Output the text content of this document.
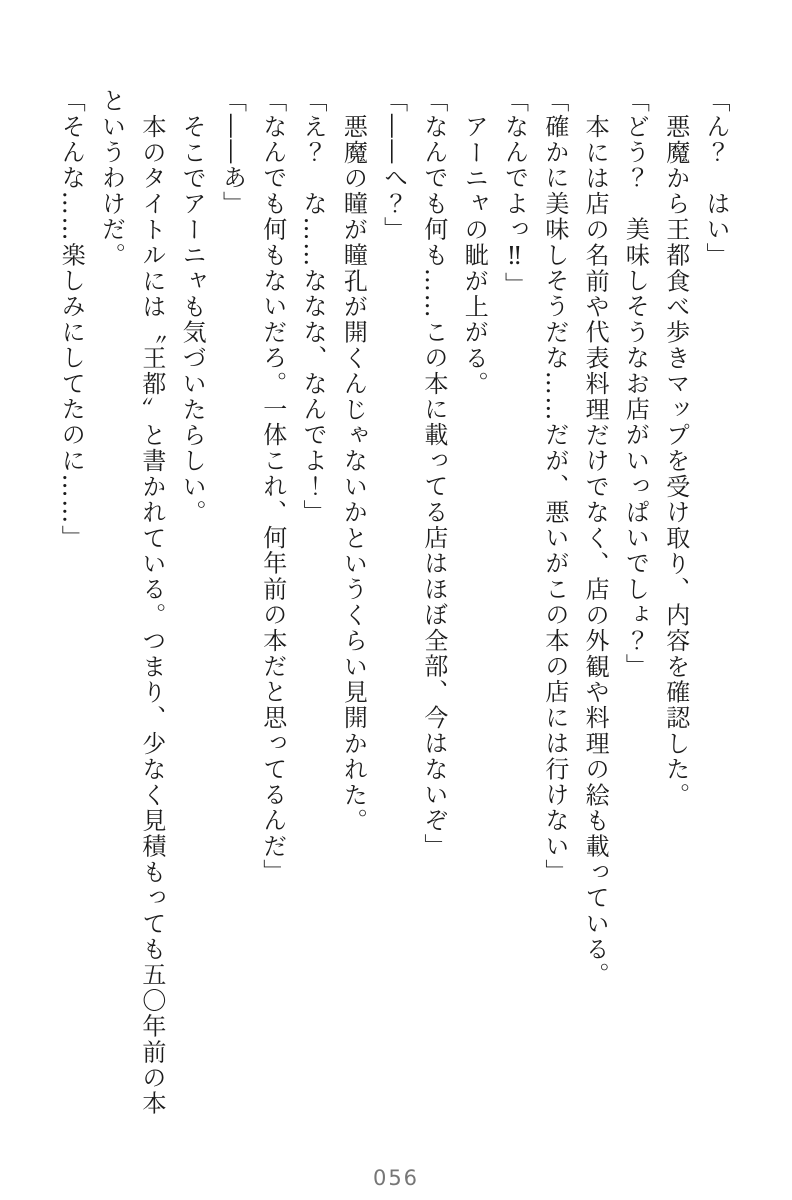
「ん？　はい」
悪魔から王都食べ歩きマップを受け取り、内容を確認した。
「どう？　美味しそうなお店がいっぱいでしょ？」
本には店の名前や代表料理だけでなく、店の外観や料理の絵も載っている。
「確かに美味しそうだな……だが、悪いがこの本の店には行けない」
「なんでよっ‼」
アーニャの眦が上がる。
「なんでも何も……この本に載ってる店はほぼ全部、今はないぞ」
「――へ？」
悪魔の瞳が瞳孔が開くんじゃないかというくらい見開かれた。
「え？　な……ななな、なんでよ！」
「なんでも何もないだろ。一体これ、何年前の本だと思ってるんだ」
「――あ」
そこでアーニャも気づいたらしい。
本のタイトルには〝王都〟と書かれている。つまり、少なく見積もっても五〇年前の本
というわけだ。
「そんな……楽しみにしてたのに……」
056
